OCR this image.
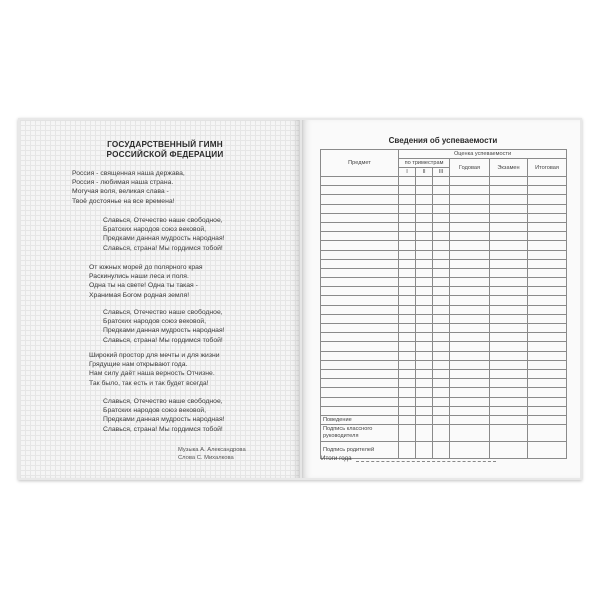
ГОСУДАРСТВЕННЫЙ ГИМН
РОССИЙСКОЙ ФЕДЕРАЦИИ
Россия - священная наша держава,
Россия - любимая наша страна.
Могучая воля, великая слава -
Твоё достоянье на все времена!
Славься, Отечество наше свободное,
Братских народов союз вековой,
Предками данная мудрость народная!
Славься, страна! Мы гордимся тобой!
От южных морей до полярного края
Раскинулись наши леса и поля.
Одна ты на свете! Одна ты такая -
Хранимая Богом родная земля!
Славься, Отечество наше свободное,
Братских народов союз вековой,
Предками данная мудрость народная!
Славься, страна! Мы гордимся тобой!
Широкий простор для мечты и для жизни
Грядущие нам открывают года.
Нам силу даёт наша верность Отчизне.
Так было, так есть и так будет всегда!
Славься, Отечество наше свободное,
Братских народов союз вековой,
Предками данная мудрость народная!
Славься, страна! Мы гордимся тобой!
Музыка А. Александрова
Слова С. Михалкова
Сведения об успеваемости
Предмет	Оценка успеваемости					
	по триместрам			Годовая	Экзамен	Итоговая
	I	II	III			

Поведение						
Подпись классного руководителя						
Подпись родителей						
Итоги года
